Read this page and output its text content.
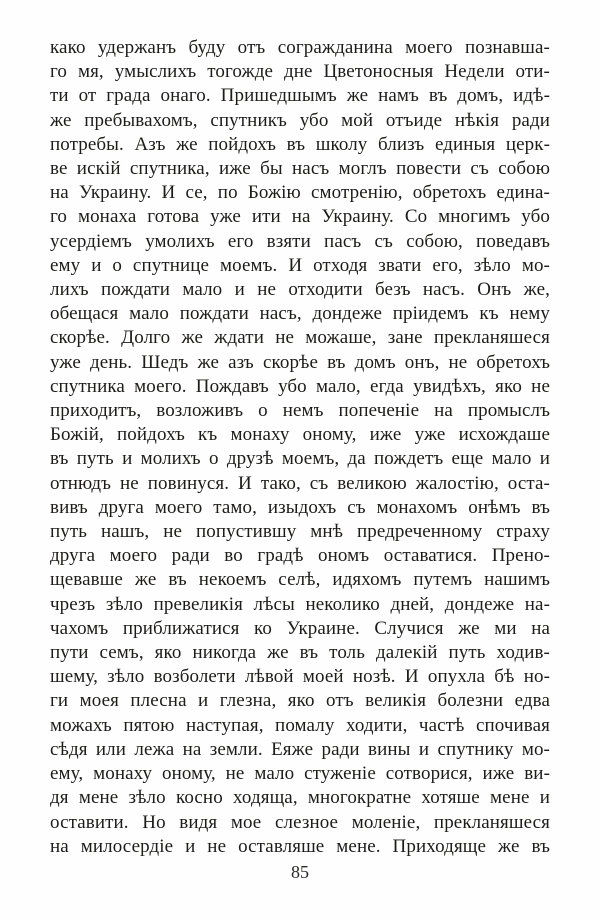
како удержанъ буду отъ согражданина моего познавша-
го мя, умыслихъ тогожде дне Цветоносныя Недели оти-
ти от града онаго. Пришедшымъ же намъ въ домъ, идѣ-
же пребывахомъ, спутникъ убо мой отъиде нѣкія ради
потребы. Азъ же пойдохъ въ школу близъ единыя церк-
ве искій спутника, иже бы насъ моглъ повести съ собою
на Украину. И се, по Божію смотренію, обретохъ едина-
го монаха готова уже ити на Украину. Со многимъ убо
усердіемъ умолихъ его взяти пасъ съ собою, поведавъ
ему и о спутнице моемъ. И отходя звати его, зѣло мо-
лихъ пождати мало и не отходити безъ насъ. Онъ же,
обещася мало пождати насъ, дондеже пріидемъ къ нему
скорѣе. Долго же ждати не можаше, зане прекланяшеся
уже день. Шедъ же азъ скорѣе въ домъ онъ, не обретохъ
спутника моего. Пождавъ убо мало, егда увидѣхъ, яко не
приходитъ, возложивъ о немъ попеченіе на промыслъ
Божій, пойдохъ къ монаху оному, иже уже исхождаше
въ путь и молихъ о друзѣ моемъ, да пождетъ еще мало и
отнюдъ не повинуся. И тако, съ великою жалостію, оста-
вивъ друга моего тамо, изыдохъ съ монахомъ онѣмъ въ
путь нашъ, не попустившу мнѣ предреченному страху
друга моего ради во градѣ ономъ оставатися. Прено-
щевавше же въ некоемъ селѣ, идяхомъ путемъ нашимъ
чрезъ зѣло превеликія лѣсы неколико дней, дондеже на-
чахомъ приближатися ко Украине. Случися же ми на
пути семъ, яко никогда же въ толь далекій путь ходив-
шему, зѣло возболети лѣвой моей нозѣ. И опухла бѣ но-
ги моея плесна и глезна, яко отъ великія болезни едва
можахъ пятою наступая, помалу ходити, частѣ спочивая
сѣдя или лежа на земли. Еяже ради вины и спутнику мо-
ему, монаху оному, не мало стуженіе сотворися, иже ви-
дя мене зѣло косно ходяща, многократне хотяше мене и
оставити. Но видя мое слезное моленіе, прекланяшеся
на милосердіе и не оставляше мене. Приходяще же въ
85
